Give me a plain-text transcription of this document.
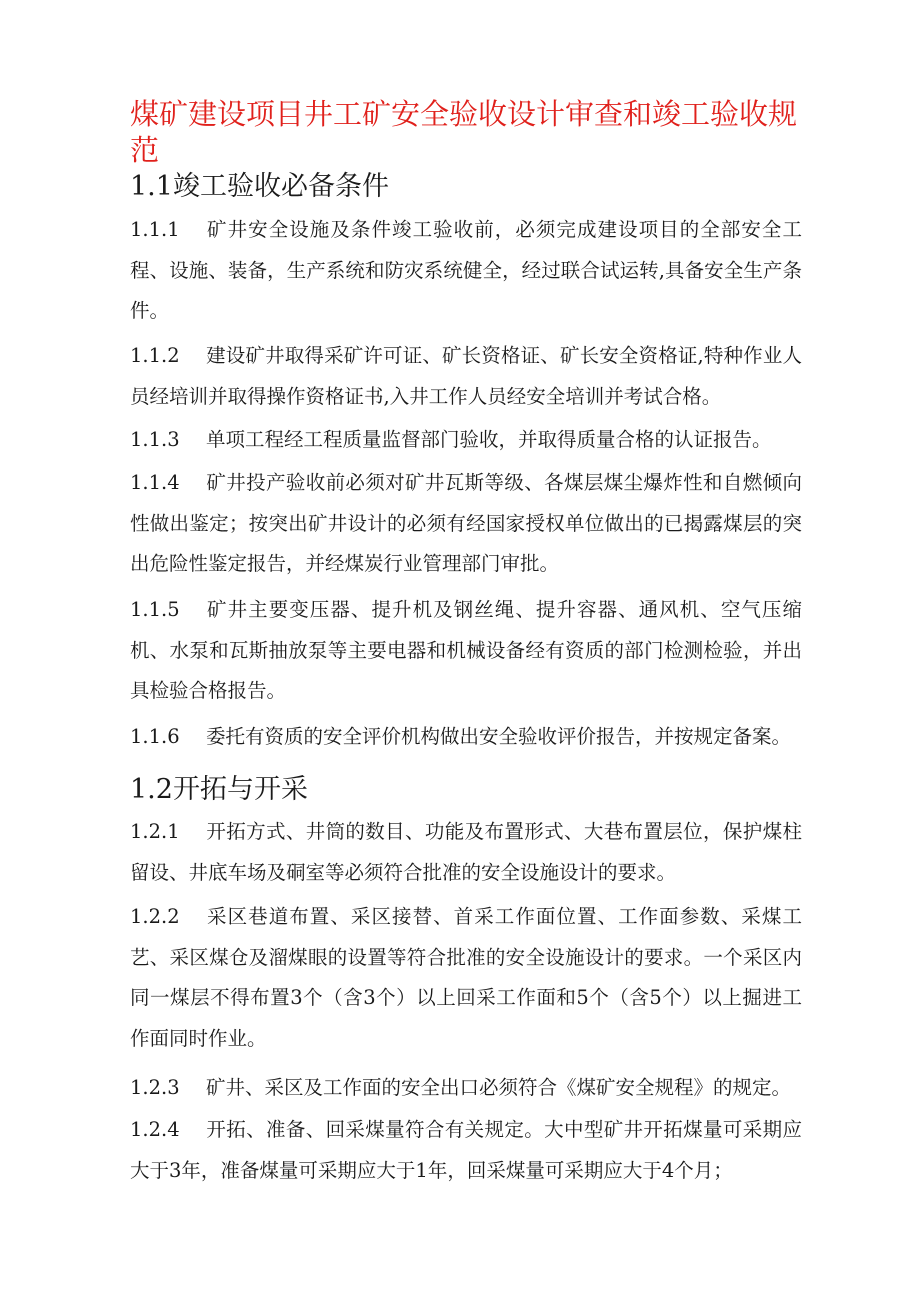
煤矿建设项目井工矿安全验收设计审查和竣工验收规范
1.1竣工验收必备条件

1.1.1 矿井安全设施及条件竣工验收前，必须完成建设项目的全部安全工程、设施、装备，生产系统和防灾系统健全，经过联合试运转,具备安全生产条件。

1.1.2 建设矿井取得采矿许可证、矿长资格证、矿长安全资格证,特种作业人员经培训并取得操作资格证书,入井工作人员经安全培训并考试合格。

1.1.3 单项工程经工程质量监督部门验收，并取得质量合格的认证报告。

1.1.4 矿井投产验收前必须对矿井瓦斯等级、各煤层煤尘爆炸性和自燃倾向性做出鉴定；按突出矿井设计的必须有经国家授权单位做出的已揭露煤层的突出危险性鉴定报告，并经煤炭行业管理部门审批。

1.1.5 矿井主要变压器、提升机及钢丝绳、提升容器、通风机、空气压缩机、水泵和瓦斯抽放泵等主要电器和机械设备经有资质的部门检测检验，并出具检验合格报告。

1.1.6 委托有资质的安全评价机构做出安全验收评价报告，并按规定备案。

1.2开拓与开采

1.2.1 开拓方式、井筒的数目、功能及布置形式、大巷布置层位，保护煤柱留设、井底车场及硐室等必须符合批准的安全设施设计的要求。

1.2.2 采区巷道布置、采区接替、首采工作面位置、工作面参数、采煤工艺、采区煤仓及溜煤眼的设置等符合批准的安全设施设计的要求。一个采区内同一煤层不得布置3个（含3个）以上回采工作面和5个（含5个）以上掘进工作面同时作业。

1.2.3 矿井、采区及工作面的安全出口必须符合《煤矿安全规程》的规定。

1.2.4 开拓、准备、回采煤量符合有关规定。大中型矿井开拓煤量可采期应大于3年，准备煤量可采期应大于1年，回采煤量可采期应大于4个月；
